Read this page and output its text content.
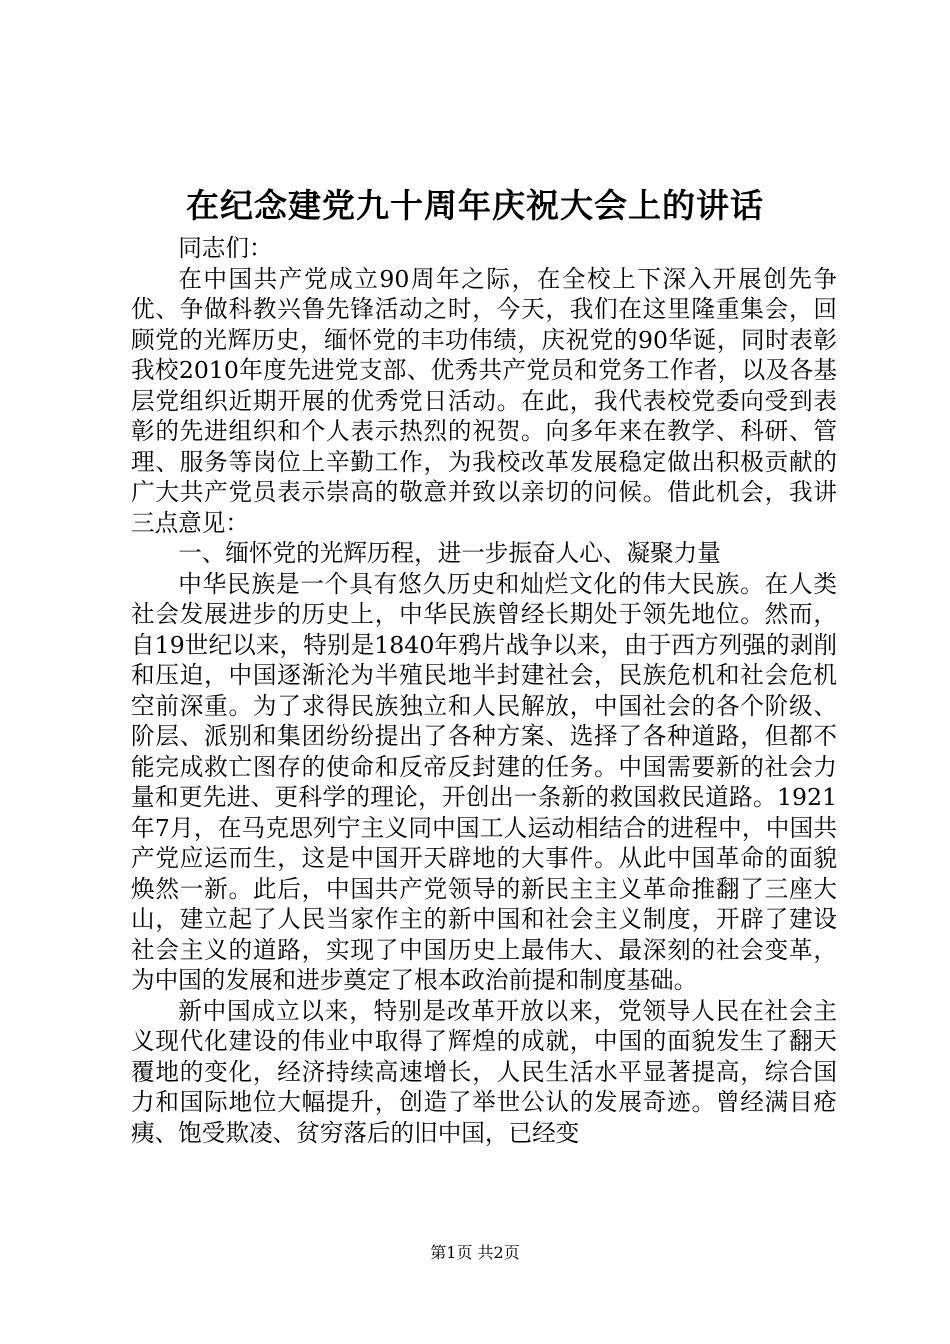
在纪念建党九十周年庆祝大会上的讲话

同志们：

在中国共产党成立90周年之际，在全校上下深入开展创先争优、争做科教兴鲁先锋活动之时，今天，我们在这里隆重集会，回顾党的光辉历史，缅怀党的丰功伟绩，庆祝党的90华诞，同时表彰我校2010年度先进党支部、优秀共产党员和党务工作者，以及各基层党组织近期开展的优秀党日活动。在此，我代表校党委向受到表彰的先进组织和个人表示热烈的祝贺。向多年来在教学、科研、管理、服务等岗位上辛勤工作，为我校改革发展稳定做出积极贡献的广大共产党员表示崇高的敬意并致以亲切的问候。借此机会，我讲三点意见：

一、缅怀党的光辉历程，进一步振奋人心、凝聚力量

中华民族是一个具有悠久历史和灿烂文化的伟大民族。在人类社会发展进步的历史上，中华民族曾经长期处于领先地位。然而，自19世纪以来，特别是1840年鸦片战争以来，由于西方列强的剥削和压迫，中国逐渐沦为半殖民地半封建社会，民族危机和社会危机空前深重。为了求得民族独立和人民解放，中国社会的各个阶级、阶层、派别和集团纷纷提出了各种方案、选择了各种道路，但都不能完成救亡图存的使命和反帝反封建的任务。中国需要新的社会力量和更先进、更科学的理论，开创出一条新的救国救民道路。1921年7月，在马克思列宁主义同中国工人运动相结合的进程中，中国共产党应运而生，这是中国开天辟地的大事件。从此中国革命的面貌焕然一新。此后，中国共产党领导的新民主主义革命推翻了三座大山，建立起了人民当家作主的新中国和社会主义制度，开辟了建设社会主义的道路，实现了中国历史上最伟大、最深刻的社会变革，为中国的发展和进步奠定了根本政治前提和制度基础。

新中国成立以来，特别是改革开放以来，党领导人民在社会主义现代化建设的伟业中取得了辉煌的成就，中国的面貌发生了翻天覆地的变化，经济持续高速增长，人民生活水平显著提高，综合国力和国际地位大幅提升，创造了举世公认的发展奇迹。曾经满目疮痍、饱受欺凌、贫穷落后的旧中国，已经变

第1页 共2页
